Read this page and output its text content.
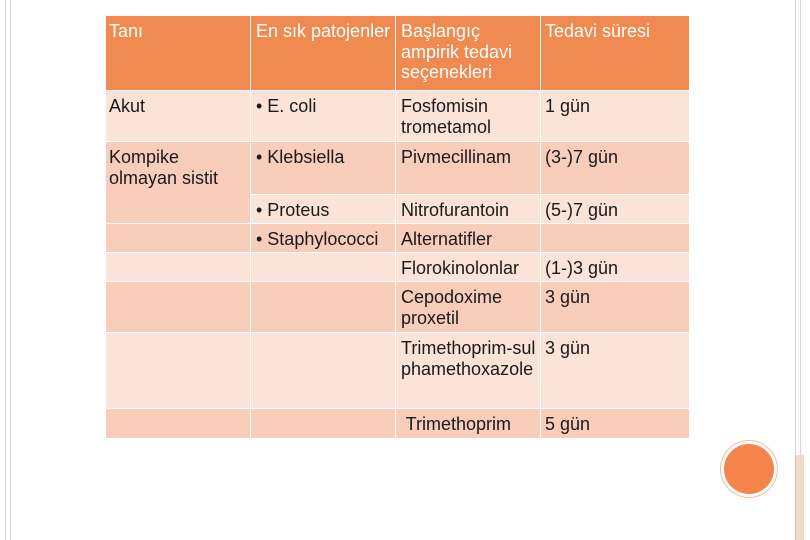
Tanı	En sık patojenler	Başlangıç ampirik tedavi seçenekleri	Tedavi süresi
Akut	• E. coli	Fosfomisin trometamol	1 gün
Kompike olmayan sistit	• Klebsiella	Pivmecillinam	(3-)7 gün
	• Proteus	Nitrofurantoin	(5-)7 gün
	• Staphylococci	Alternatifler	
		Florokinolonlar	(1-)3 gün
		Cepodoxime proxetil	3 gün
		Trimethoprim-sulphamethoxazole	3 gün
		Trimethoprim	5 gün
